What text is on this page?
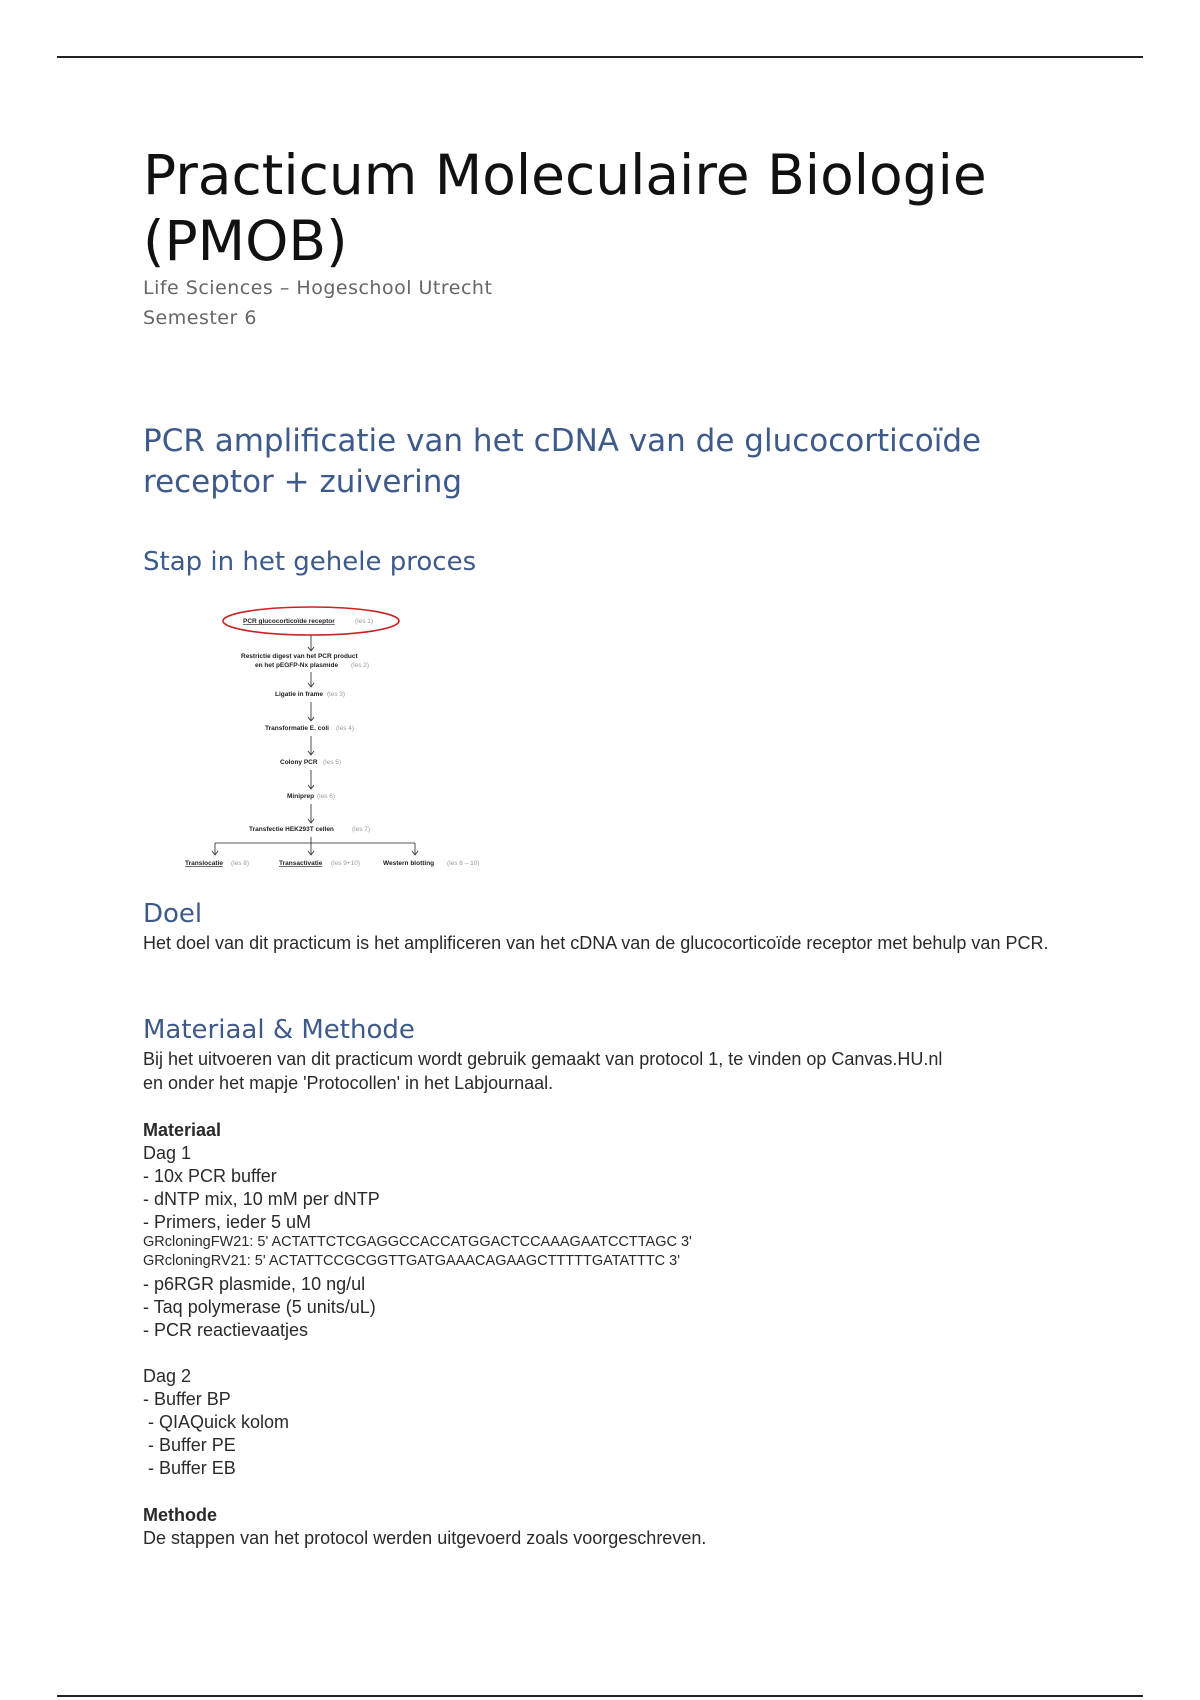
Practicum Moleculaire Biologie (PMOB)
Life Sciences – Hogeschool Utrecht
Semester 6
PCR amplificatie van het cDNA van de glucocorticoïde receptor + zuivering
Stap in het gehele proces
PCR glucocorticoïde receptor	(les 1)
Restrictie digest van het PCR product
en het pEGFP-Nx plasmide (les 2)
Ligatie in frame (les 3)
Transformatie E. coli (les 4)
Colony PCR (les 5)
Miniprep (les 6)
Transfectie HEK293T cellen	(les 7)
Translocatie (les 8)	Transactivatie (les 9+10)	Western blotting (les 8 – 10)
Doel
Het doel van dit practicum is het amplificeren van het cDNA van de glucocorticoïde receptor met behulp van PCR.
Materiaal & Methode
Bij het uitvoeren van dit practicum wordt gebruik gemaakt van protocol 1, te vinden op Canvas.HU.nl
en onder het mapje 'Protocollen' in het Labjournaal.
Materiaal
Dag 1
- 10x PCR buffer
- dNTP mix, 10 mM per dNTP
- Primers, ieder 5 uM
GRcloningFW21: 5' ACTATTCTCGAGGCCACCATGGACTCCAAAGAATCCTTAGC 3'
GRcloningRV21: 5' ACTATTCCGCGGTTGATGAAACAGAAGCTTTTTGATATTTC 3'
- p6RGR plasmide, 10 ng/ul
- Taq polymerase (5 units/uL)
- PCR reactievaatjes
Dag 2
- Buffer BP
- QIAQuick kolom
- Buffer PE
- Buffer EB
Methode
De stappen van het protocol werden uitgevoerd zoals voorgeschreven.
